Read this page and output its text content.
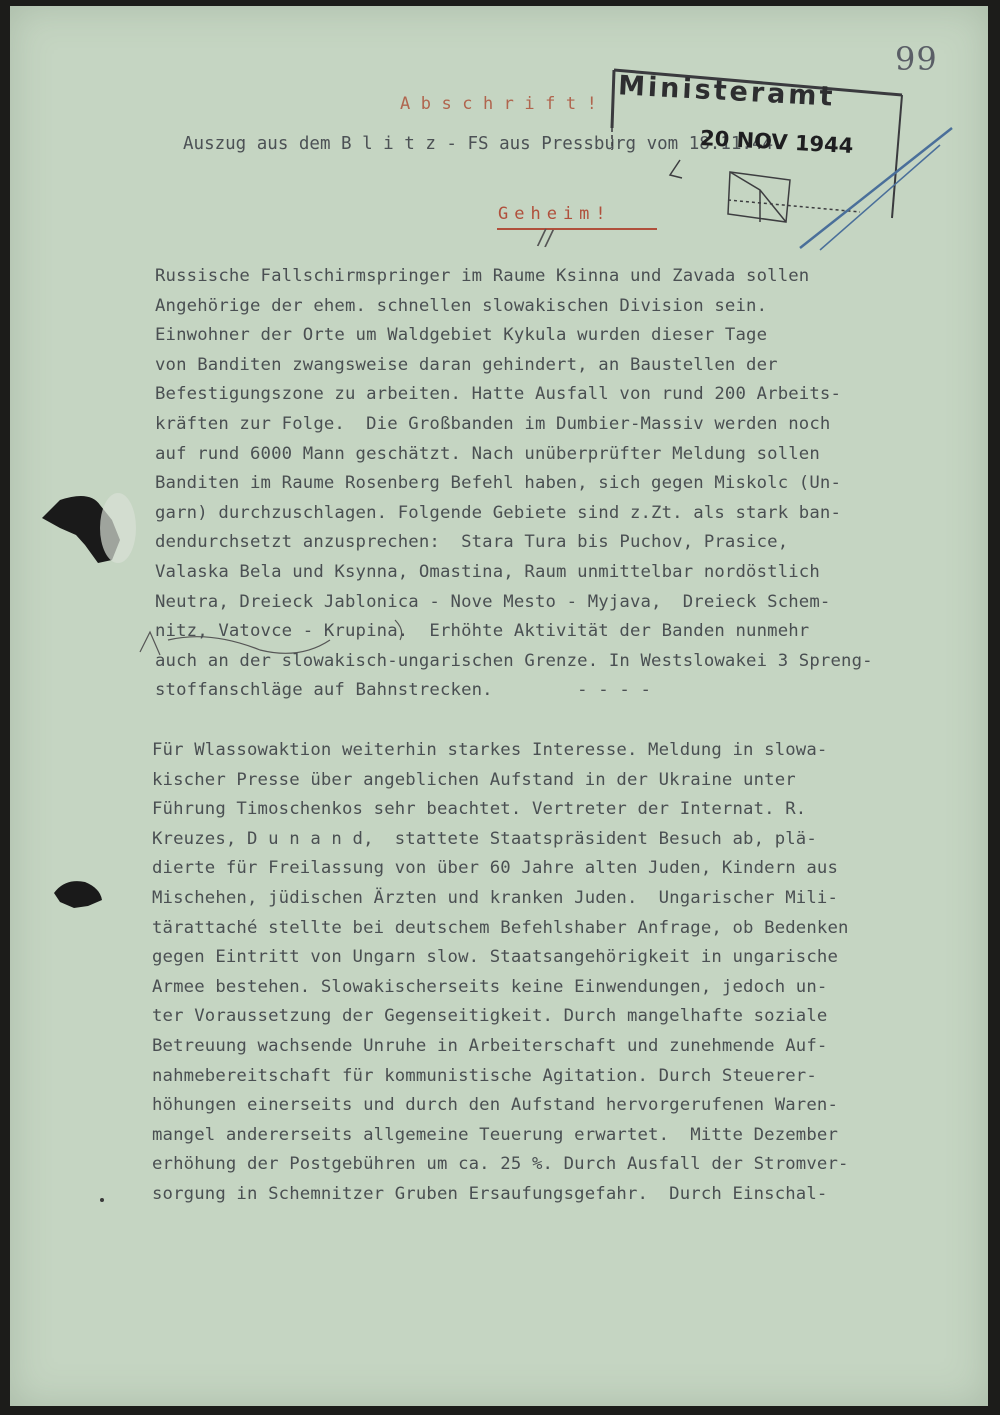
99
Abschrift!
Auszug aus dem B l i t z - FS aus Pressburg vom 18.11.44
Geheim!
//
Ministeramt
20 NOV 1944
Russische Fallschirmspringer im Raume Ksinna und Zavada sollen
Angehörige der ehem. schnellen slowakischen Division sein.
Einwohner der Orte um Waldgebiet Kykula wurden dieser Tage
von Banditen zwangsweise daran gehindert, an Baustellen der
Befestigungszone zu arbeiten. Hatte Ausfall von rund 200 Arbeits-
kräften zur Folge.  Die Großbanden im Dumbier-Massiv werden noch
auf rund 6000 Mann geschätzt. Nach unüberprüfter Meldung sollen
Banditen im Raume Rosenberg Befehl haben, sich gegen Miskolc (Un-
garn) durchzuschlagen. Folgende Gebiete sind z.Zt. als stark ban-
dendurchsetzt anzusprechen:  Stara Tura bis Puchov, Prasice,
Valaska Bela und Ksynna, Omastina, Raum unmittelbar nordöstlich
Neutra, Dreieck Jablonica - Nove Mesto - Myjava,  Dreieck Schem-
nitz, Vatovce - Krupina.  Erhöhte Aktivität der Banden nunmehr
auch an der slowakisch-ungarischen Grenze. In Westslowakei 3 Spreng-
stoffanschläge auf Bahnstrecken.        - - - -
Für Wlassowaktion weiterhin starkes Interesse. Meldung in slowa-
kischer Presse über angeblichen Aufstand in der Ukraine unter
Führung Timoschenkos sehr beachtet. Vertreter der Internat. R.
Kreuzes, D u n a n d,  stattete Staatspräsident Besuch ab, plä-
dierte für Freilassung von über 60 Jahre alten Juden, Kindern aus
Mischehen, jüdischen Ärzten und kranken Juden.  Ungarischer Mili-
tärattaché stellte bei deutschem Befehlshaber Anfrage, ob Bedenken
gegen Eintritt von Ungarn slow. Staatsangehörigkeit in ungarische
Armee bestehen. Slowakischerseits keine Einwendungen, jedoch un-
ter Voraussetzung der Gegenseitigkeit. Durch mangelhafte soziale
Betreuung wachsende Unruhe in Arbeiterschaft und zunehmende Auf-
nahmebereitschaft für kommunistische Agitation. Durch Steuerer-
höhungen einerseits und durch den Aufstand hervorgerufenen Waren-
mangel andererseits allgemeine Teuerung erwartet.  Mitte Dezember
erhöhung der Postgebühren um ca. 25 %. Durch Ausfall der Stromver-
sorgung in Schemnitzer Gruben Ersaufungsgefahr.  Durch Einschal-
